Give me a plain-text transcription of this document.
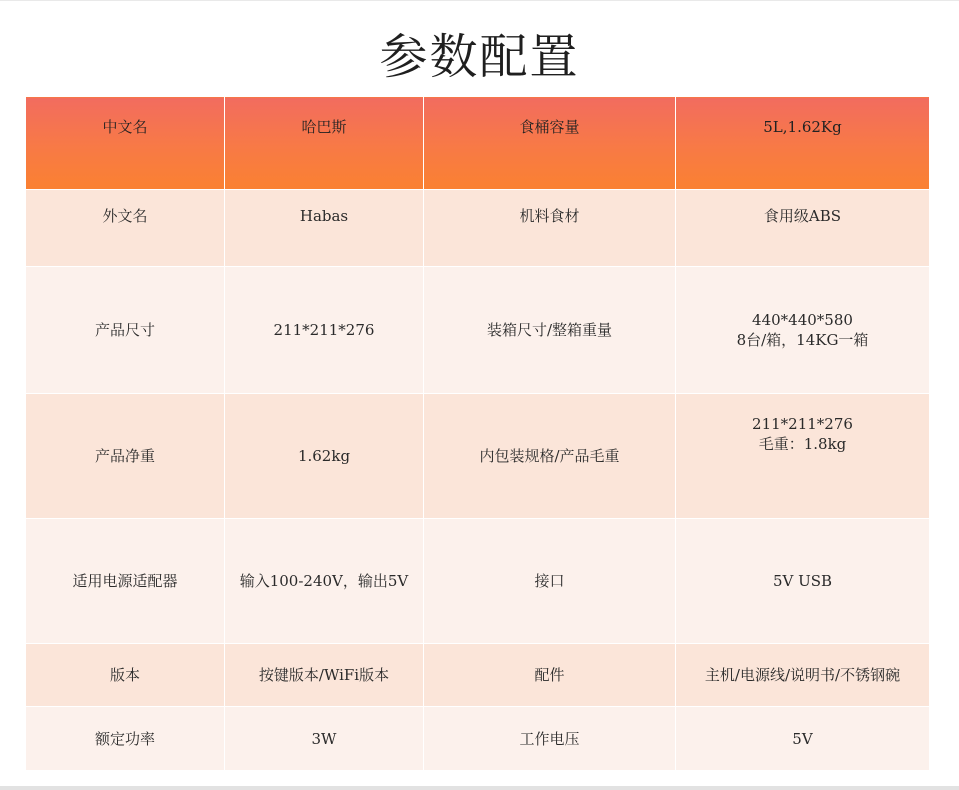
参数配置
中文名	哈巴斯	食桶容量	5L,1.62Kg
外文名	Habas	机料食材	食用级ABS
产品尺寸	211*211*276	装箱尺寸/整箱重量	440*440*580
8台/箱，14KG一箱
产品净重	1.62kg	内包装规格/产品毛重	211*211*276
毛重：1.8kg
适用电源适配器	输入100-240V，输出5V	接口	5V USB
版本	按键版本/WiFi版本	配件	主机/电源线/说明书/不锈钢碗
额定功率	3W	工作电压	5V
